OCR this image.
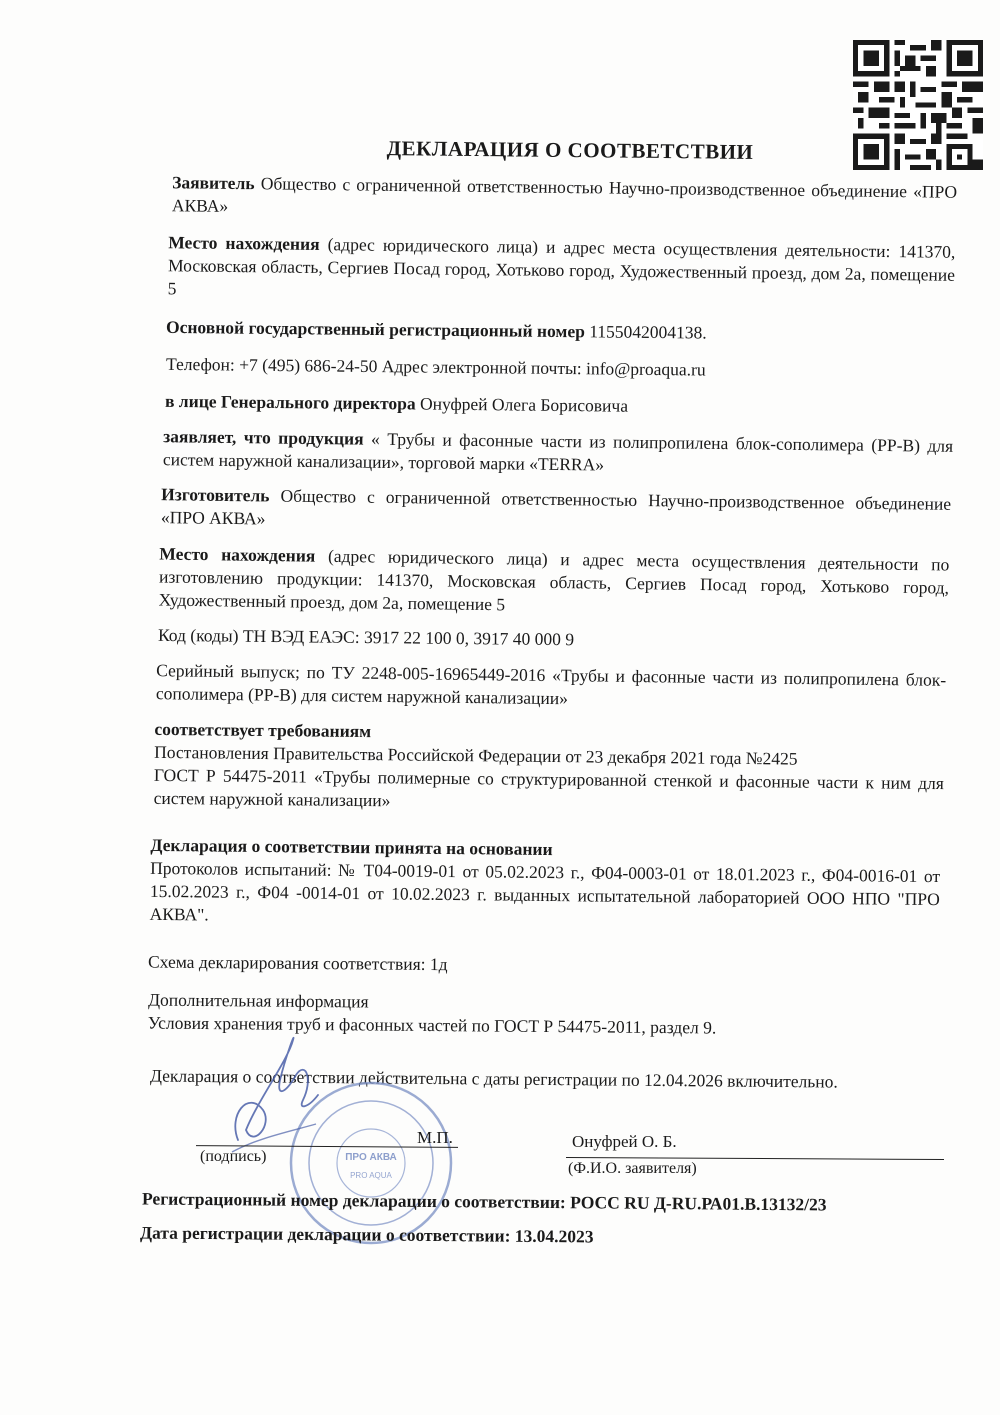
ДЕКЛАРАЦИЯ О СООТВЕТСТВИИ
Заявитель Общество с ограниченной ответственностью Научно-производственное объединение «ПРО АКВА»
Место нахождения (адрес юридического лица) и адрес места осуществления деятельности: 141370, Московская область, Сергиев Посад город, Хотьково город, Художественный проезд, дом 2а, помещение 5
Основной государственный регистрационный номер 1155042004138.
Телефон: +7 (495) 686-24-50 Адрес электронной почты: info@proaqua.ru
в лице Генерального директора Онуфрей Олега Борисовича
заявляет, что продукция « Трубы и фасонные части из полипропилена блок-сополимера (PP-B) для систем наружной канализации», торговой марки «TERRA»
Изготовитель Общество с ограниченной ответственностью Научно-производственное объединение «ПРО АКВА»
Место нахождения (адрес юридического лица) и адрес места осуществления деятельности по изготовлению продукции: 141370, Московская область, Сергиев Посад город, Хотьково город, Художественный проезд, дом 2а, помещение 5
Код (коды) ТН ВЭД ЕАЭС: 3917 22 100 0, 3917 40 000 9
Серийный выпуск; по ТУ 2248-005-16965449-2016 «Трубы и фасонные части из полипропилена блок-сополимера (PP-B) для систем наружной канализации»
соответствует требованиям
Постановления Правительства Российской Федерации от 23 декабря 2021 года №2425
ГОСТ Р 54475-2011 «Трубы полимерные со структурированной стенкой и фасонные части к ним для систем наружной канализации»
Декларация о соответствии принята на основании
Протоколов испытаний: № Т04-0019-01 от 05.02.2023 г., Ф04-0003-01 от 18.01.2023 г., Ф04-0016-01 от 15.02.2023 г., Ф04 -0014-01 от 10.02.2023 г. выданных испытательной лабораторией ООО НПО "ПРО АКВА".
Схема декларирования соответствия: 1д
Дополнительная информация
Условия хранения труб и фасонных частей по ГОСТ Р 54475-2011, раздел 9.
Декларация о соответствии действительна с даты регистрации по 12.04.2026 включительно.
ПРО АКВА
PRO AQUA
М.П.
(подпись)
Онуфрей О. Б.
(Ф.И.О. заявителя)
Регистрационный номер декларации о соответствии: РОСС RU Д-RU.РА01.В.13132/23
Дата регистрации декларации о соответствии: 13.04.2023
